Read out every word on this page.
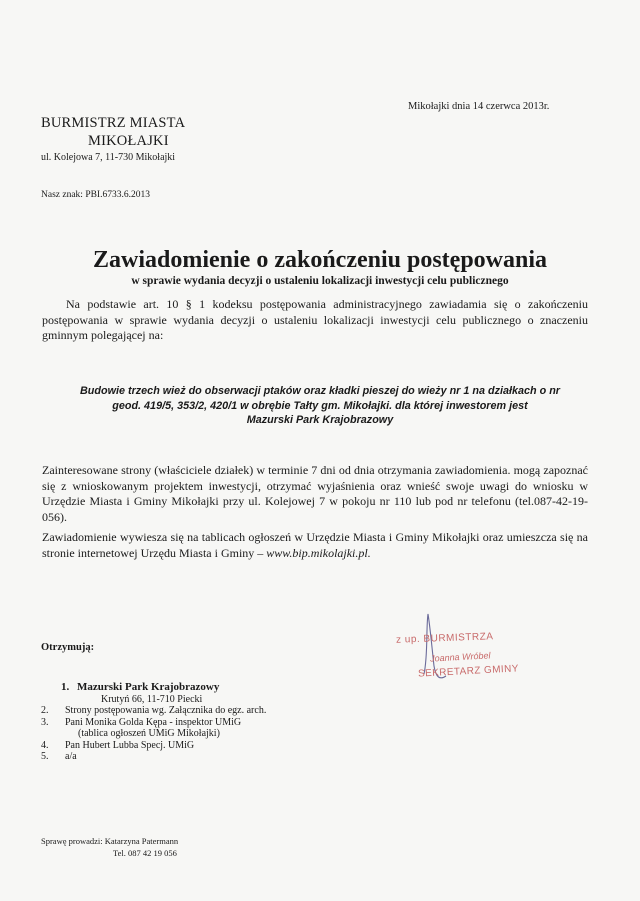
Mikołajki dnia 14 czerwca 2013r.
BURMISTRZ MIASTA
MIKOŁAJKI
ul. Kolejowa 7, 11-730 Mikołajki
Nasz znak: PBI.6733.6.2013
Zawiadomienie o zakończeniu postępowania
w sprawie wydania decyzji o ustaleniu lokalizacji inwestycji celu publicznego
Na podstawie art. 10 § 1 kodeksu postępowania administracyjnego zawiadamia się o zakończeniu postępowania w sprawie wydania decyzji o ustaleniu lokalizacji inwestycji celu publicznego o znaczeniu gminnym polegającej na:
Budowie trzech wież do obserwacji ptaków oraz kładki pieszej do wieży nr 1 na działkach o nr
geod. 419/5, 353/2, 420/1 w obrębie Tałty gm. Mikołajki. dla której inwestorem jest
Mazurski Park Krajobrazowy
Zainteresowane strony (właściciele działek) w terminie 7 dni od dnia otrzymania zawiadomienia. mogą zapoznać się z wnioskowanym projektem inwestycji, otrzymać wyjaśnienia oraz wnieść swoje uwagi do wniosku w Urzędzie Miasta i Gminy Mikołajki przy ul. Kolejowej 7 w pokoju nr 110 lub pod nr telefonu (tel.087-42-19-056).
Zawiadomienie wywiesza się na tablicach ogłoszeń w Urzędzie Miasta i Gminy Mikołajki oraz umieszcza się na stronie internetowej Urzędu Miasta i Gminy – www.bip.mikolajki.pl.
Otrzymują:
1. Mazurski Park Krajobrazowy
Krutyń 66, 11-710 Piecki
2. Strony postępowania wg. Załącznika do egz. arch.
3. Pani Monika Golda Kępa - inspektor UMiG
(tablica ogłoszeń UMiG Mikołajki)
4. Pan Hubert Lubba Specj. UMiG
5. a/a
z up. BURMISTRZA
Joanna Wróbel
SEKRETARZ GMINY
Sprawę prowadzi: Katarzyna Patermann
Tel. 087 42 19 056
